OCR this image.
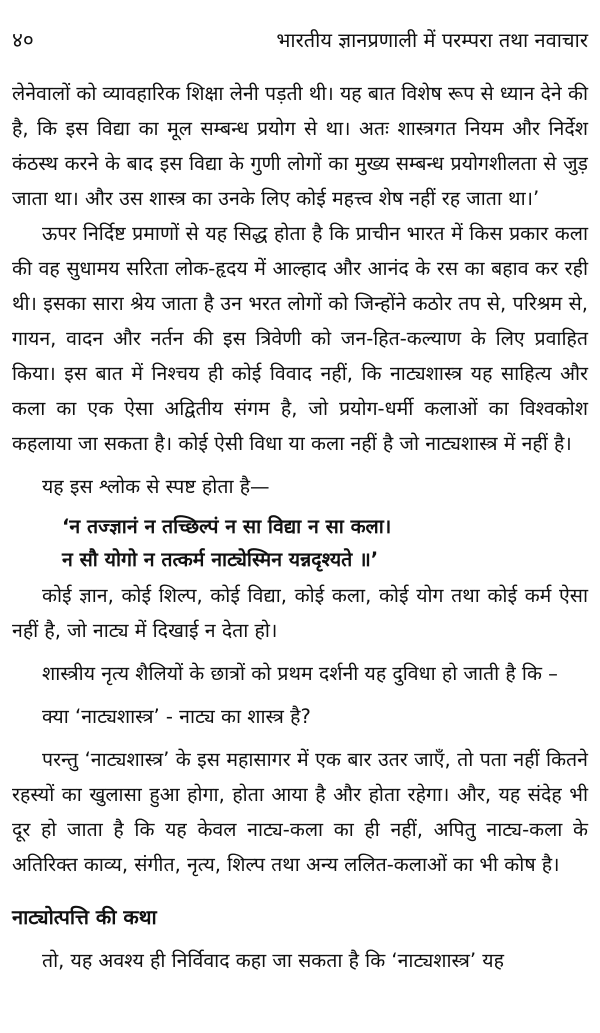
४०	भारतीय ज्ञानप्रणाली में परम्परा तथा नवाचार

लेनेवालों को व्यावहारिक शिक्षा लेनी पड़ती थी। यह बात विशेष रूप से ध्यान देने की है, कि इस विद्या का मूल सम्बन्ध प्रयोग से था। अतः शास्त्रगत नियम और निर्देश कंठस्थ करने के बाद इस विद्या के गुणी लोगों का मुख्य सम्बन्ध प्रयोगशीलता से जुड़ जाता था। और उस शास्त्र का उनके लिए कोई महत्त्व शेष नहीं रह जाता था।’

ऊपर निर्दिष्ट प्रमाणों से यह सिद्ध होता है कि प्राचीन भारत में किस प्रकार कला की वह सुधामय सरिता लोक-हृदय में आल्हाद और आनंद के रस का बहाव कर रही थी। इसका सारा श्रेय जाता है उन भरत लोगों को जिन्होंने कठोर तप से, परिश्रम से, गायन, वादन और नर्तन की इस त्रिवेणी को जन-हित-कल्याण के लिए प्रवाहित किया। इस बात में निश्चय ही कोई विवाद नहीं, कि नाट्यशास्त्र यह साहित्य और कला का एक ऐसा अद्वितीय संगम है, जो प्रयोग-धर्मी कलाओं का विश्वकोश कहलाया जा सकता है। कोई ऐसी विधा या कला नहीं है जो नाट्यशास्त्र में नहीं है।

यह इस श्लोक से स्पष्ट होता है—

‘न तज्ज्ञानं न तच्छिल्पं न सा विद्या न सा कला।
न सौ योगो न तत्कर्म नाट्येस्मिन यन्नदृश्यते ॥’

कोई ज्ञान, कोई शिल्प, कोई विद्या, कोई कला, कोई योग तथा कोई कर्म ऐसा नहीं है, जो नाट्य में दिखाई न देता हो।

शास्त्रीय नृत्य शैलियों के छात्रों को प्रथम दर्शनी यह दुविधा हो जाती है कि –

क्या ‘नाट्यशास्त्र’ - नाट्य का शास्त्र है?

परन्तु ‘नाट्यशास्त्र’ के इस महासागर में एक बार उतर जाएँ, तो पता नहीं कितने रहस्यों का खुलासा हुआ होगा, होता आया है और होता रहेगा। और, यह संदेह भी दूर हो जाता है कि यह केवल नाट्य-कला का ही नहीं, अपितु नाट्य-कला के अतिरिक्त काव्य, संगीत, नृत्य, शिल्प तथा अन्य ललित-कलाओं का भी कोष है।

नाट्योत्पत्ति की कथा

तो, यह अवश्य ही निर्विवाद कहा जा सकता है कि ‘नाट्यशास्त्र’ यह
